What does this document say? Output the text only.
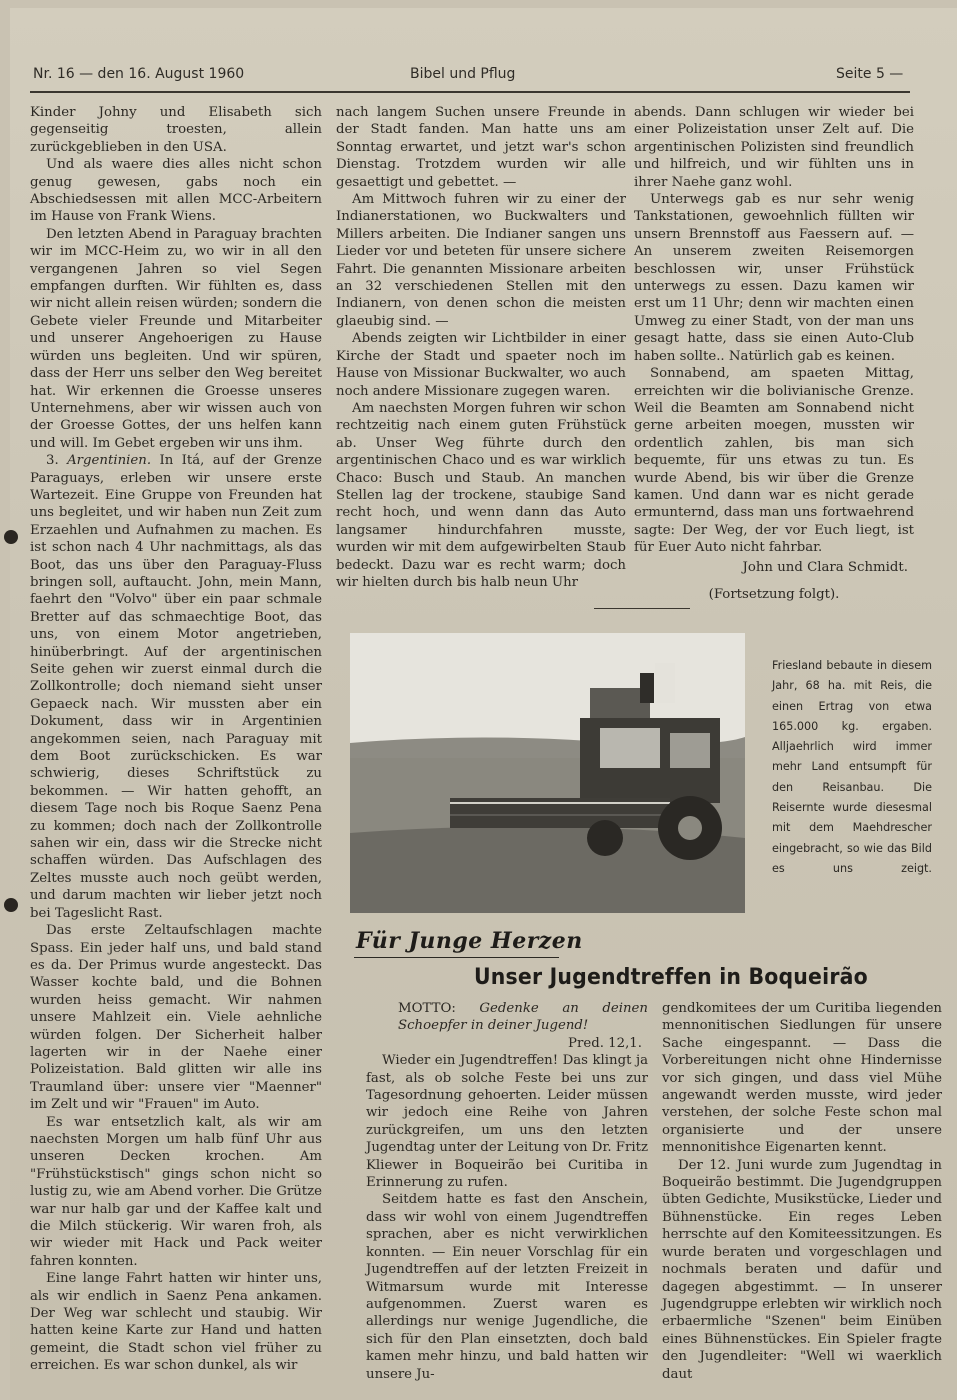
Nr. 16 — den 16. August 1960	Bibel und Pflug	Seite 5 —

Kinder Johny und Elisabeth sich gegenseitig troesten, allein zurückgeblieben in den USA.

Und als waere dies alles nicht schon genug gewesen, gabs noch ein Abschiedsessen mit allen MCC-Arbeitern im Hause von Frank Wiens.

Den letzten Abend in Paraguay brachten wir im MCC-Heim zu, wo wir in all den vergangenen Jahren so viel Segen empfangen durften. Wir fühlten es, dass wir nicht allein reisen würden; sondern die Gebete vieler Freunde und Mitarbeiter und unserer Angehoerigen zu Hause würden uns begleiten. Und wir spüren, dass der Herr uns selber den Weg bereitet hat. Wir erkennen die Groesse unseres Unternehmens, aber wir wissen auch von der Groesse Gottes, der uns helfen kann und will. Im Gebet ergeben wir uns ihm.

3. Argentinien. In Itá, auf der Grenze Paraguays, erleben wir unsere erste Wartezeit. Eine Gruppe von Freunden hat uns begleitet, und wir haben nun Zeit zum Erzaehlen und Aufnahmen zu machen. Es ist schon nach 4 Uhr nachmittags, als das Boot, das uns über den Paraguay-Fluss bringen soll, auftaucht. John, mein Mann, faehrt den "Volvo" über ein paar schmale Bretter auf das schmaechtige Boot, das uns, von einem Motor angetrieben, hinüberbringt. Auf der argentinischen Seite gehen wir zuerst einmal durch die Zollkontrolle; doch niemand sieht unser Gepaeck nach. Wir mussten aber ein Dokument, dass wir in Argentinien angekommen seien, nach Paraguay mit dem Boot zurückschicken. Es war schwierig, dieses Schriftstück zu bekommen. — Wir hatten gehofft, an diesem Tage noch bis Roque Saenz Pena zu kommen; doch nach der Zollkontrolle sahen wir ein, dass wir die Strecke nicht schaffen würden. Das Aufschlagen des Zeltes musste auch noch geübt werden, und darum machten wir lieber jetzt noch bei Tageslicht Rast.

Das erste Zeltaufschlagen machte Spass. Ein jeder half uns, und bald stand es da. Der Primus wurde angesteckt. Das Wasser kochte bald, und die Bohnen wurden heiss gemacht. Wir nahmen unsere Mahlzeit ein. Viele aehnliche würden folgen. Der Sicherheit halber lagerten wir in der Naehe einer Polizeistation. Bald glitten wir alle ins Traumland über: unsere vier "Maenner" im Zelt und wir "Frauen" im Auto.

Es war entsetzlich kalt, als wir am naechsten Morgen um halb fünf Uhr aus unseren Decken krochen. Am "Frühstückstisch" gings schon nicht so lustig zu, wie am Abend vorher. Die Grütze war nur halb gar und der Kaffee kalt und die Milch stückerig. Wir waren froh, als wir wieder mit Hack und Pack weiter fahren konnten.

Eine lange Fahrt hatten wir hinter uns, als wir endlich in Saenz Pena ankamen. Der Weg war schlecht und staubig. Wir hatten keine Karte zur Hand und hatten gemeint, die Stadt schon viel früher zu erreichen. Es war schon dunkel, als wir

nach langem Suchen unsere Freunde in der Stadt fanden. Man hatte uns am Sonntag erwartet, und jetzt war's schon Dienstag. Trotzdem wurden wir alle gesaettigt und gebettet. —

Am Mittwoch fuhren wir zu einer der Indianerstationen, wo Buckwalters und Millers arbeiten. Die Indianer sangen uns Lieder vor und beteten für unsere sichere Fahrt. Die genannten Missionare arbeiten an 32 verschiedenen Stellen mit den Indianern, von denen schon die meisten glaeubig sind. —

Abends zeigten wir Lichtbilder in einer Kirche der Stadt und spaeter noch im Hause von Missionar Buckwalter, wo auch noch andere Missionare zugegen waren.

Am naechsten Morgen fuhren wir schon rechtzeitig nach einem guten Frühstück ab. Unser Weg führte durch den argentinischen Chaco und es war wirklich Chaco: Busch und Staub. An manchen Stellen lag der trockene, staubige Sand recht hoch, und wenn dann das Auto langsamer hindurchfahren musste, wurden wir mit dem aufgewirbelten Staub bedeckt. Dazu war es recht warm; doch wir hielten durch bis halb neun Uhr

abends. Dann schlugen wir wieder bei einer Polizeistation unser Zelt auf. Die argentinischen Polizisten sind freundlich und hilfreich, und wir fühlten uns in ihrer Naehe ganz wohl.

Unterwegs gab es nur sehr wenig Tankstationen, gewoehnlich füllten wir unsern Brennstoff aus Faessern auf. — An unserem zweiten Reisemorgen beschlossen wir, unser Frühstück unterwegs zu essen. Dazu kamen wir erst um 11 Uhr; denn wir machten einen Umweg zu einer Stadt, von der man uns gesagt hatte, dass sie einen Auto-Club haben sollte.. Natürlich gab es keinen.

Sonnabend, am spaeten Mittag, erreichten wir die bolivianische Grenze. Weil die Beamten am Sonnabend nicht gerne arbeiten moegen, mussten wir ordentlich zahlen, bis man sich bequemte, für uns etwas zu tun. Es wurde Abend, bis wir über die Grenze kamen. Und dann war es nicht gerade ermunternd, dass man uns fortwaehrend sagte: Der Weg, der vor Euch liegt, ist für Euer Auto nicht fahrbar.

John und Clara Schmidt.

(Fortsetzung folgt).

Friesland bebaute in diesem Jahr, 68 ha. mit Reis, die einen Ertrag von etwa 165.000 kg. ergaben. Alljaehrlich wird immer mehr Land entsumpft für den Reisanbau. Die Reisernte wurde diesesmal mit dem Maehdrescher eingebracht, so wie das Bild es uns zeigt.
Für Junge Herzen
Unser Jugendtreffen in Boqueirão

MOTTO: Gedenke an deinen Schoepfer in deiner Jugend!

Pred. 12,1.

Wieder ein Jugendtreffen! Das klingt ja fast, als ob solche Feste bei uns zur Tagesordnung gehoerten. Leider müssen wir jedoch eine Reihe von Jahren zurückgreifen, um uns den letzten Jugendtag unter der Leitung von Dr. Fritz Kliewer in Boqueirão bei Curitiba in Erinnerung zu rufen.

Seitdem hatte es fast den Anschein, dass wir wohl von einem Jugendtreffen sprachen, aber es nicht verwirklichen konnten. — Ein neuer Vorschlag für ein Jugendtreffen auf der letzten Freizeit in Witmarsum wurde mit Interesse aufgenommen. Zuerst waren es allerdings nur wenige Jugendliche, die sich für den Plan einsetzten, doch bald kamen mehr hinzu, und bald hatten wir unsere Ju-

gendkomitees der um Curitiba liegenden mennonitischen Siedlungen für unsere Sache eingespannt. — Dass die Vorbereitungen nicht ohne Hindernisse vor sich gingen, und dass viel Mühe angewandt werden musste, wird jeder verstehen, der solche Feste schon mal organisierte und der unsere mennonitishce Eigenarten kennt.

Der 12. Juni wurde zum Jugendtag in Boqueirão bestimmt. Die Jugendgruppen übten Gedichte, Musikstücke, Lieder und Bühnenstücke. Ein reges Leben herrschte auf den Komiteessitzungen. Es wurde beraten und vorgeschlagen und nochmals beraten und dafür und dagegen abgestimmt. — In unserer Jugendgruppe erlebten wir wirklich noch erbaermliche "Szenen" beim Einüben eines Bühnenstückes. Ein Spieler fragte den Jugendleiter: "Well wi waerklich daut
